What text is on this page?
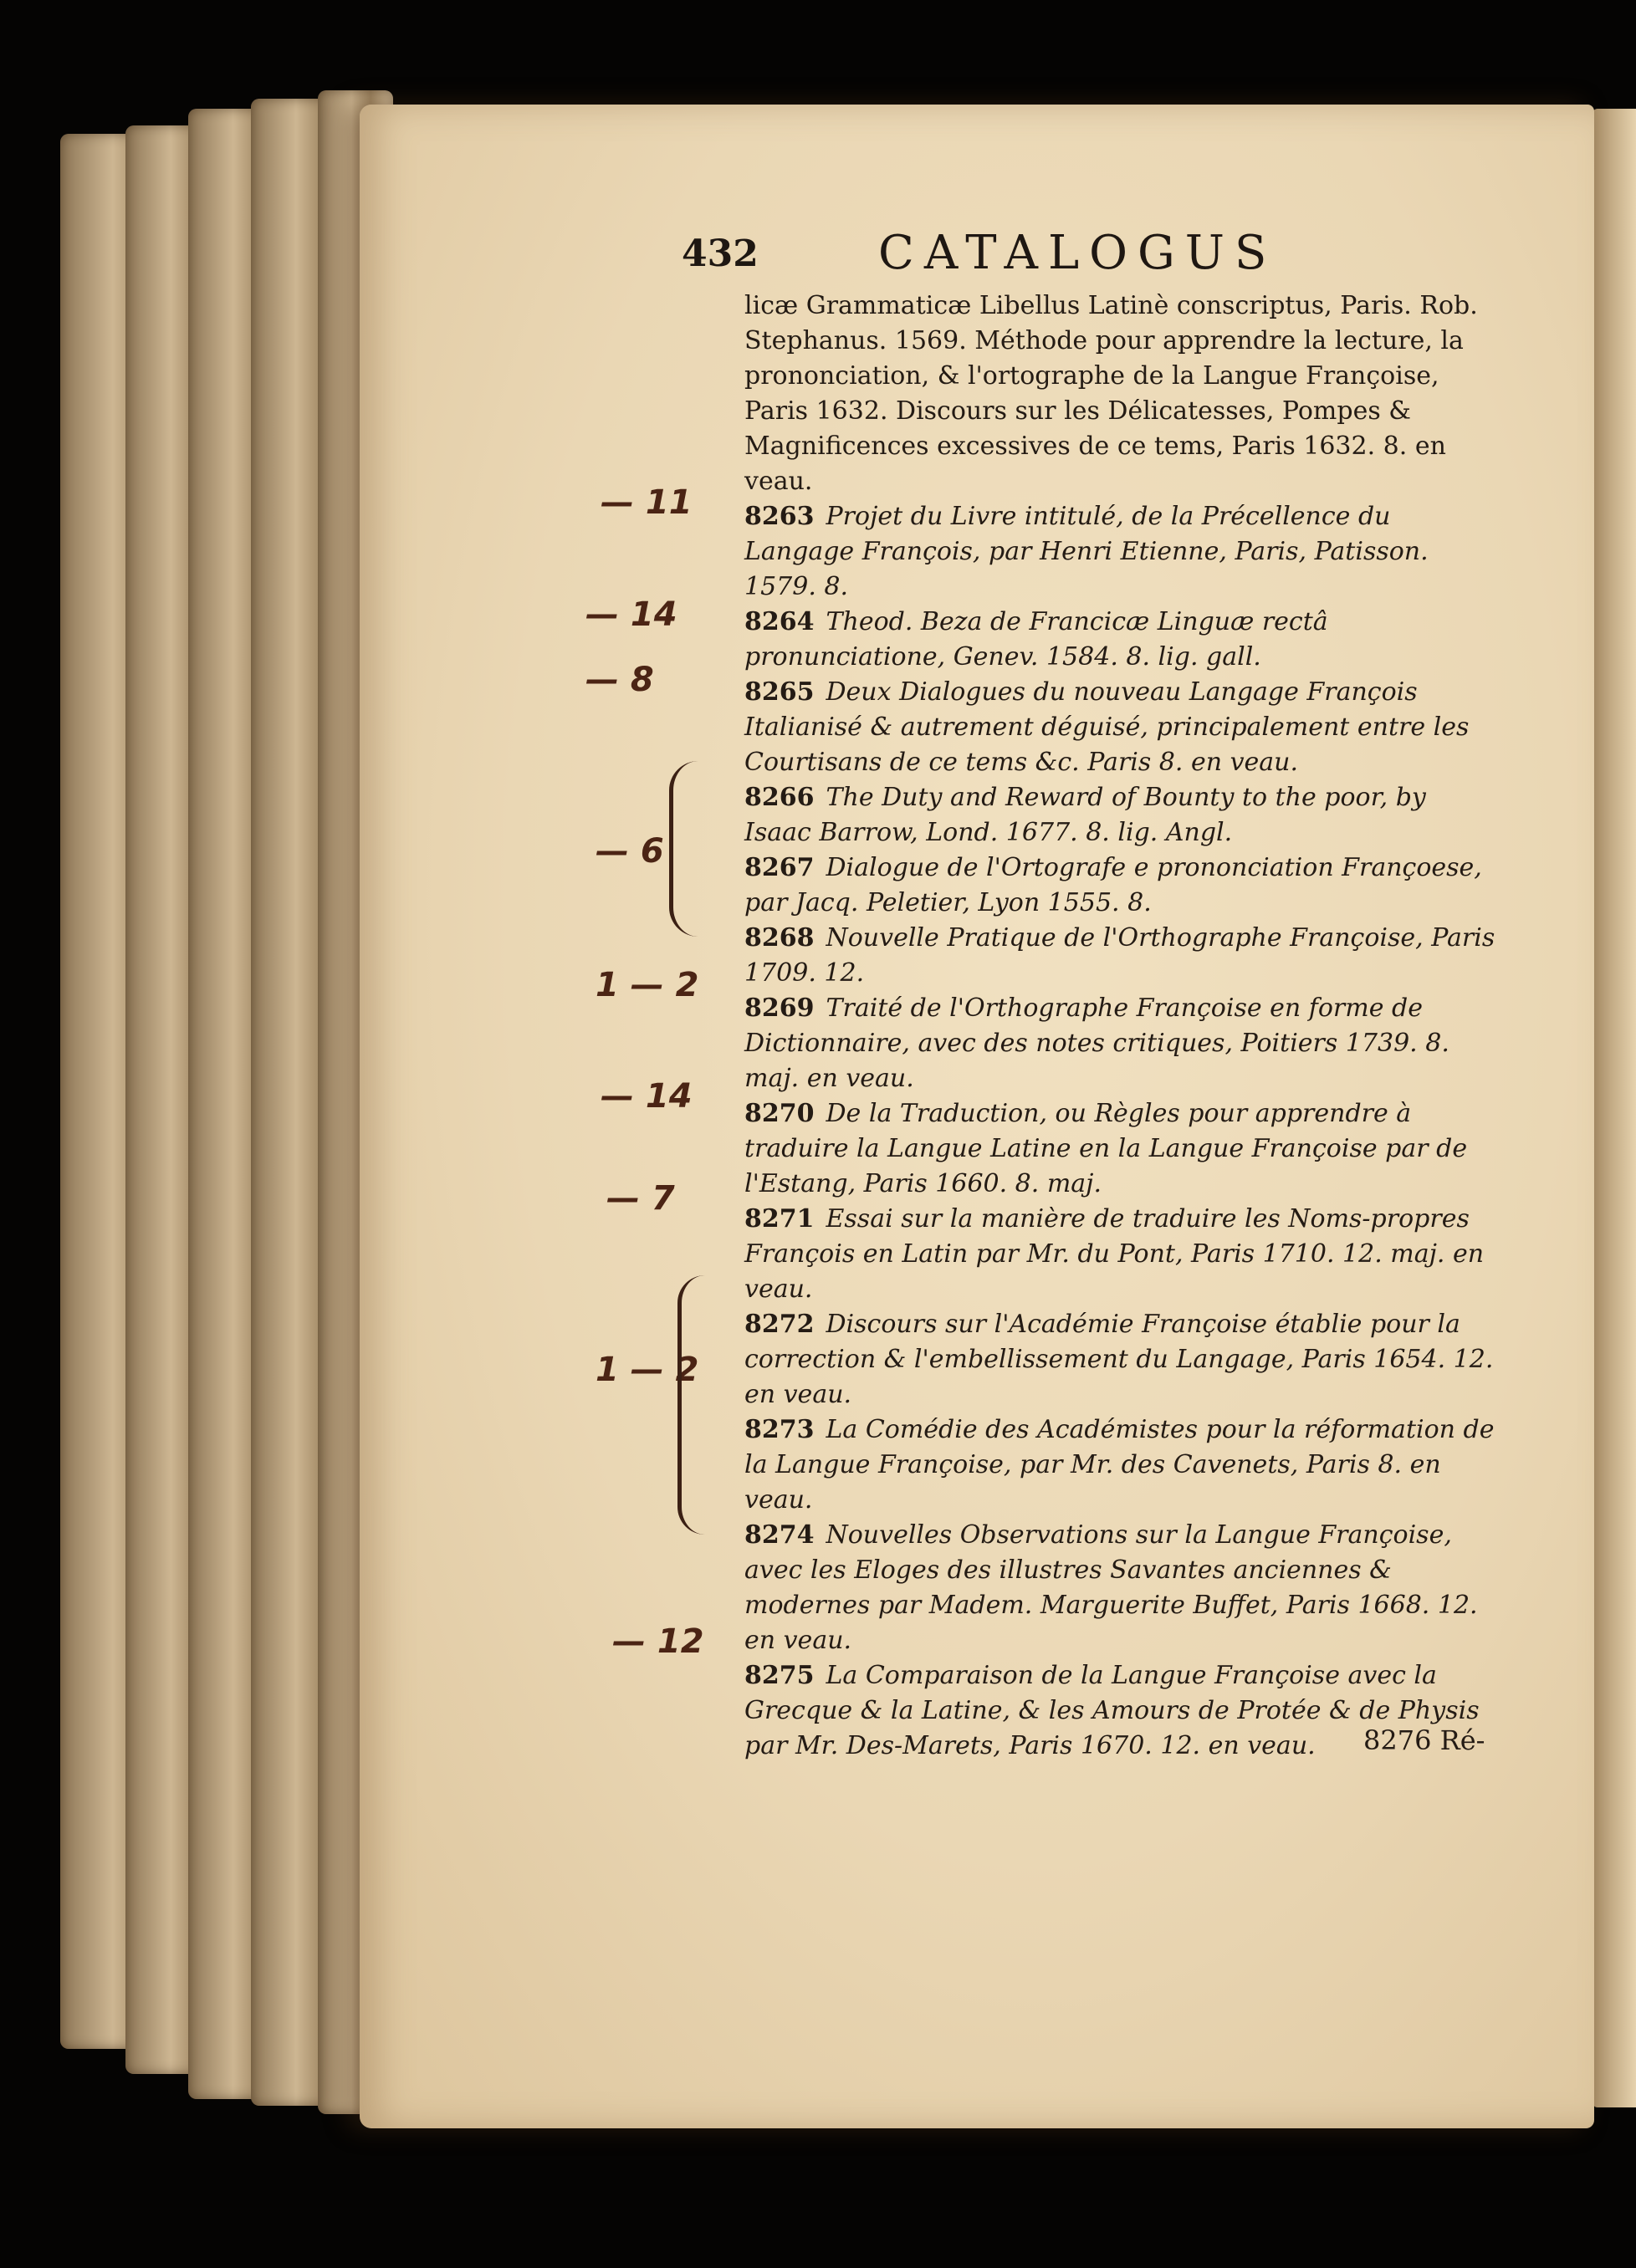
432	CATALOGUS

licæ Grammaticæ Libellus Latinè conscriptus, Paris. Rob. Stephanus. 1569. Méthode pour apprendre la lecture, la prononciation, & l'ortographe de la Langue Françoise, Paris 1632. Discours sur les Délicatesses, Pompes & Magnificences excessives de ce tems, Paris 1632. 8. en veau.

8263 Projet du Livre intitulé, de la Précellence du Langage François, par Henri Etienne, Paris, Patisson. 1579. 8.

8264 Theod. Beza de Francicæ Linguæ rectâ pronunciatione, Genev. 1584. 8. lig. gall.

8265 Deux Dialogues du nouveau Langage François Italianisé & autrement déguisé, principalement entre les Courtisans de ce tems &c. Paris 8. en veau.

8266 The Duty and Reward of Bounty to the poor, by Isaac Barrow, Lond. 1677. 8. lig. Angl.

8267 Dialogue de l'Ortografe e prononciation Françoese, par Jacq. Peletier, Lyon 1555. 8.

8268 Nouvelle Pratique de l'Orthographe Françoise, Paris 1709. 12.

8269 Traité de l'Orthographe Françoise en forme de Dictionnaire, avec des notes critiques, Poitiers 1739. 8. maj. en veau.

8270 De la Traduction, ou Règles pour apprendre à traduire la Langue Latine en la Langue Françoise par de l'Estang, Paris 1660. 8. maj.

8271 Essai sur la manière de traduire les Noms-propres François en Latin par Mr. du Pont, Paris 1710. 12. maj. en veau.

8272 Discours sur l'Académie Françoise établie pour la correction & l'embellissement du Langage, Paris 1654. 12. en veau.

8273 La Comédie des Académistes pour la réformation de la Langue Françoise, par Mr. des Cavenets, Paris 8. en veau.

8274 Nouvelles Observations sur la Langue Françoise, avec les Eloges des illustres Savantes anciennes & modernes par Madem. Marguerite Buffet, Paris 1668. 12. en veau.

8275 La Comparaison de la Langue Françoise avec la Grecque & la Latine, & les Amours de Protée & de Physis par Mr. Des-Marets, Paris 1670. 12. en veau.

— 11
— 14
— 8
— 6
1 — 2
— 14
— 7
1 — 2
— 12
8276 Ré-
